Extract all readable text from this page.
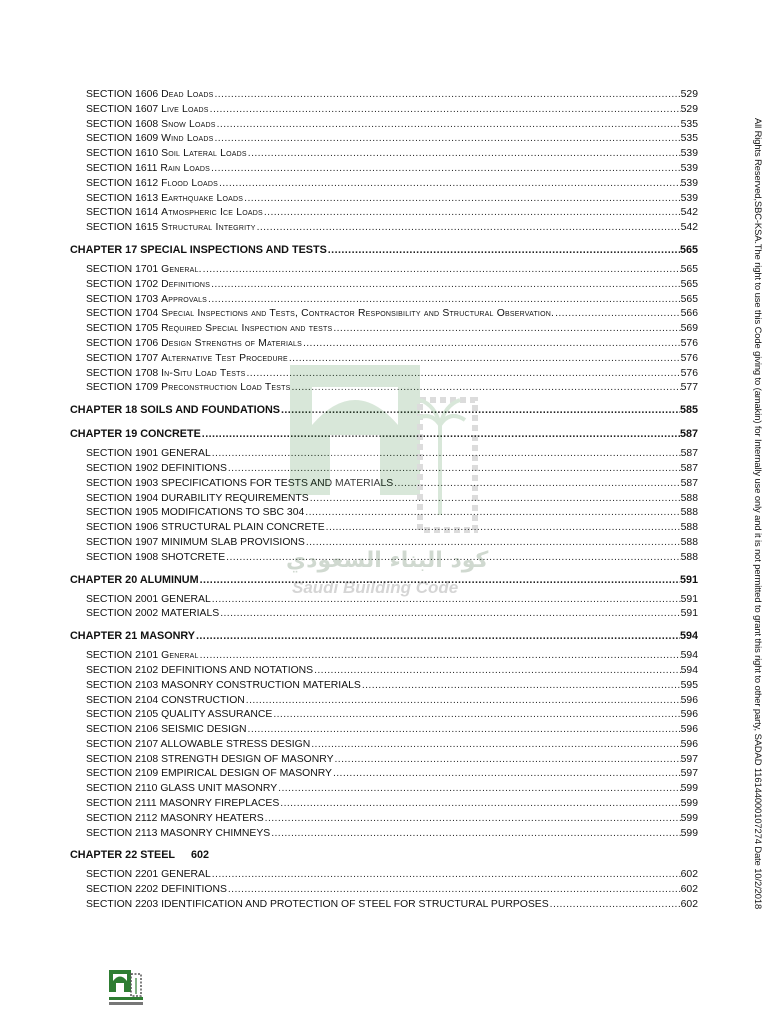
SECTION 1606 Dead Loads .....	529
SECTION 1607 Live Loads .....	529
SECTION 1608 Snow Loads .....	535
SECTION 1609 Wind Loads .....	535
SECTION 1610 Soil Lateral Loads .....	539
SECTION 1611 Rain Loads .....	539
SECTION 1612 Flood Loads .....	539
SECTION 1613 Earthquake Loads .....	539
SECTION 1614 Atmospheric Ice Loads .....	542
SECTION 1615 Structural Integrity .....	542
CHAPTER 17 SPECIAL INSPECTIONS AND TESTS .....	565
SECTION 1701 General. .....	565
SECTION 1702 Definitions .....	565
SECTION 1703 Approvals .....	565
SECTION 1704 Special Inspections and Tests, Contractor Responsibility and Structural Observation. .....	566
SECTION 1705 Required Special Inspection and tests .....	569
SECTION 1706 Design Strengths of Materials .....	576
SECTION 1707 Alternative Test Procedure .....	576
SECTION 1708 In-Situ Load Tests .....	576
SECTION 1709 Preconstruction Load Tests .....	577
CHAPTER 18 SOILS AND FOUNDATIONS .....	585
CHAPTER 19 CONCRETE .....	587
SECTION 1901 GENERAL .....	587
SECTION 1902 DEFINITIONS .....	587
SECTION 1903 SPECIFICATIONS FOR TESTS AND MATERIALS .....	587
SECTION 1904 DURABILITY REQUIREMENTS .....	588
SECTION 1905 MODIFICATIONS TO SBC 304 .....	588
SECTION 1906 STRUCTURAL PLAIN CONCRETE .....	588
SECTION 1907 MINIMUM SLAB PROVISIONS .....	588
SECTION 1908 SHOTCRETE .....	588
CHAPTER 20 ALUMINUM .....	591
SECTION 2001 GENERAL .....	591
SECTION 2002 MATERIALS .....	591
CHAPTER 21 MASONRY .....	594
SECTION 2101 General .....	594
SECTION 2102 DEFINITIONS AND NOTATIONS .....	594
SECTION 2103 MASONRY CONSTRUCTION MATERIALS .....	595
SECTION 2104 CONSTRUCTION .....	596
SECTION 2105 QUALITY ASSURANCE .....	596
SECTION 2106 SEISMIC DESIGN .....	596
SECTION 2107 ALLOWABLE STRESS DESIGN .....	596
SECTION 2108 STRENGTH DESIGN OF MASONRY .....	597
SECTION 2109 EMPIRICAL DESIGN OF MASONRY .....	597
SECTION 2110 GLASS UNIT MASONRY .....	599
SECTION 2111 MASONRY FIREPLACES .....	599
SECTION 2112 MASONRY HEATERS .....	599
SECTION 2113 MASONRY CHIMNEYS .....	599
CHAPTER 22 STEEL 602
SECTION 2201 GENERAL .....	602
SECTION 2202 DEFINITIONS .....	602
SECTION 2203 IDENTIFICATION AND PROTECTION OF STEEL FOR STRUCTURAL PURPOSES .....	602	All Rights Reserved,SBC-KSA.The right to use this Code giving to (amakin) for Internally use only and it is not permitted to grant this right to other party, SADAD 116144000107274 Date 10/2/2018
كود البناء السعودي
Saudi Building Code
